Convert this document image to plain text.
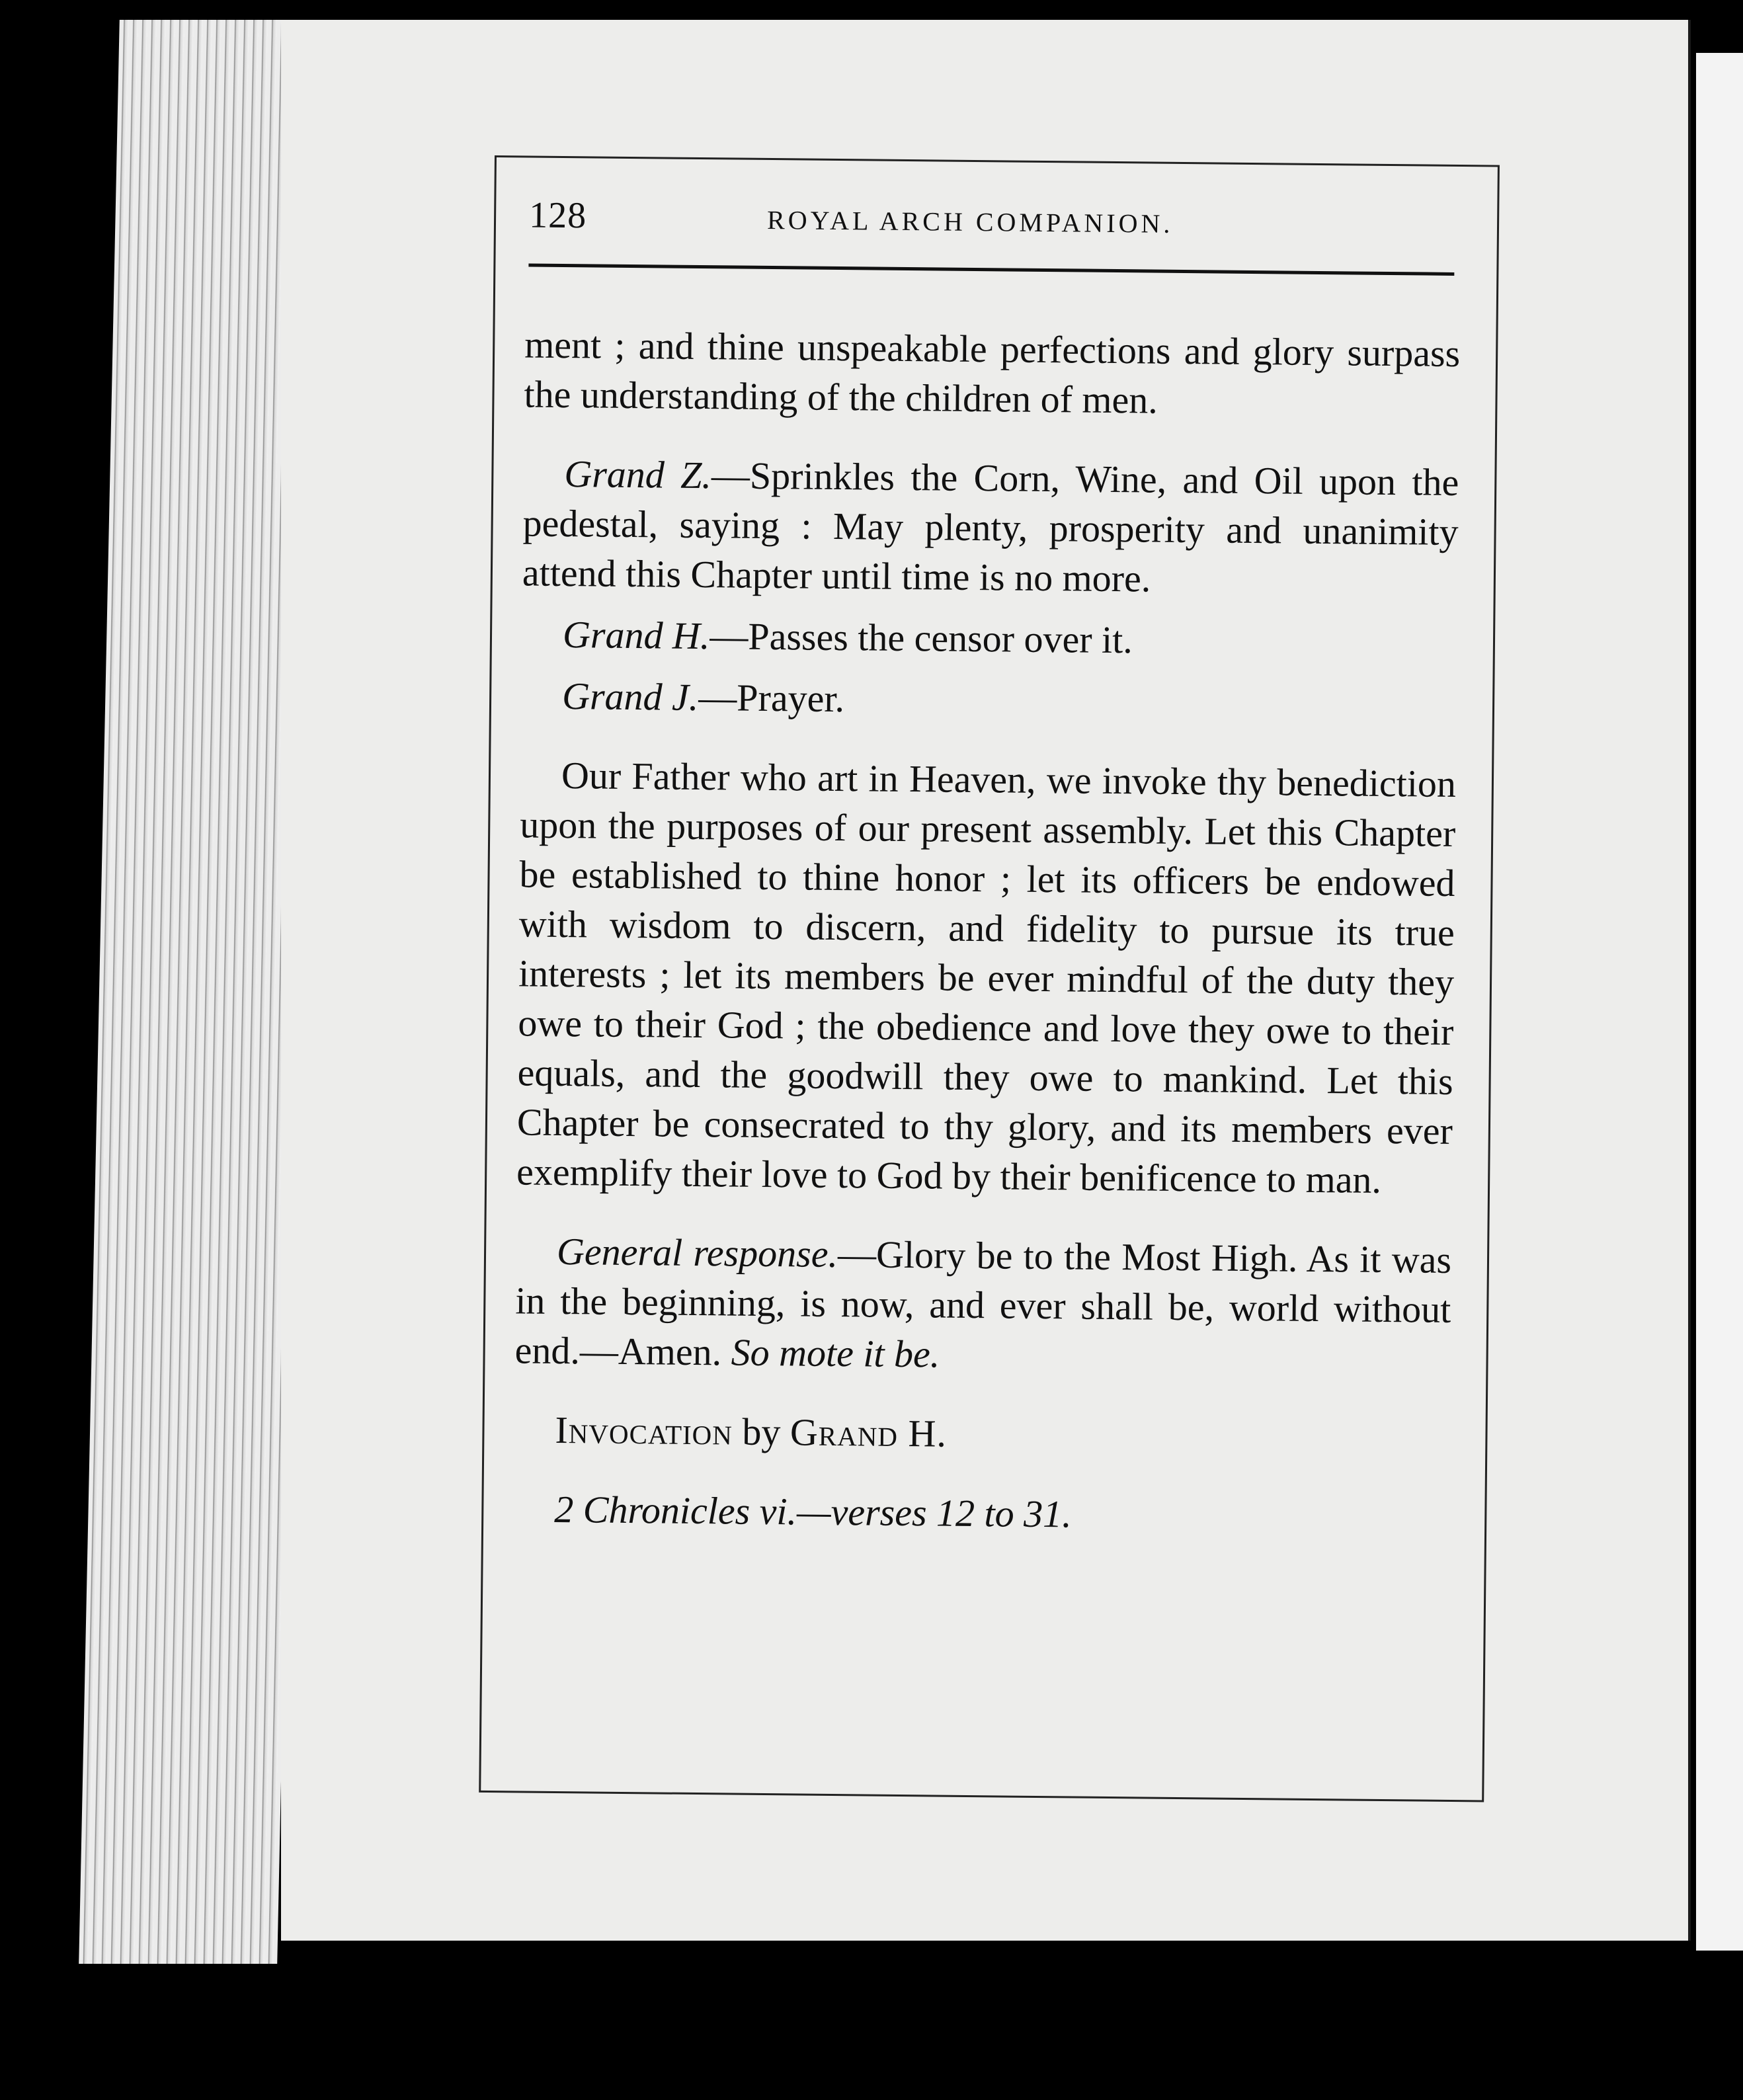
128	ROYAL ARCH COMPANION.

ment ; and thine unspeakable perfections and glory surpass the understanding of the children of men.

Grand Z.—Sprinkles the Corn, Wine, and Oil upon the pedestal, saying : May plenty, prosperity and unanimity attend this Chapter until time is no more.

Grand H.—Passes the censor over it.

Grand J.—Prayer.

Our Father who art in Heaven, we invoke thy benediction upon the purposes of our present assembly. Let this Chapter be established to thine honor ; let its officers be endowed with wisdom to discern, and fidelity to pursue its true interests ; let its members be ever mindful of the duty they owe to their God ; the obedience and love they owe to their equals, and the goodwill they owe to mankind. Let this Chapter be consecrated to thy glory, and its members ever exemplify their love to God by their benificence to man.

General response.—Glory be to the Most High. As it was in the beginning, is now, and ever shall be, world without end.—Amen. So mote it be.

Invocation by Grand H.

2 Chronicles vi.—verses 12 to 31.
